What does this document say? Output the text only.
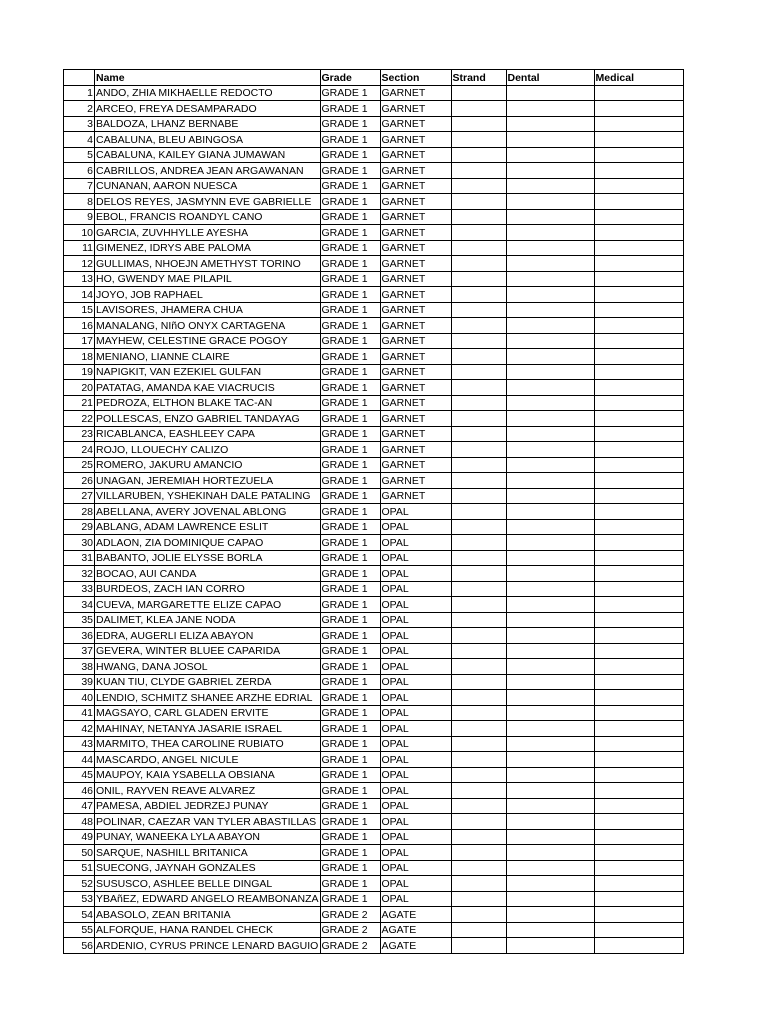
	Name	Grade	Section	Strand	Dental	Medical
1	ANDO, ZHIA MIKHAELLE REDOCTO	GRADE 1	GARNET			
2	ARCEO, FREYA DESAMPARADO	GRADE 1	GARNET			
3	BALDOZA, LHANZ BERNABE	GRADE 1	GARNET			
4	CABALUNA, BLEU ABINGOSA	GRADE 1	GARNET			
5	CABALUNA, KAILEY GIANA JUMAWAN	GRADE 1	GARNET			
6	CABRILLOS, ANDREA JEAN ARGAWANAN	GRADE 1	GARNET			
7	CUNANAN, AARON NUESCA	GRADE 1	GARNET			
8	DELOS REYES, JASMYNN EVE GABRIELLE	GRADE 1	GARNET			
9	EBOL, FRANCIS ROANDYL CANO	GRADE 1	GARNET			
10	GARCIA, ZUVHHYLLE AYESHA	GRADE 1	GARNET			
11	GIMENEZ, IDRYS ABE PALOMA	GRADE 1	GARNET			
12	GULLIMAS, NHOEJN AMETHYST TORINO	GRADE 1	GARNET			
13	HO, GWENDY MAE PILAPIL	GRADE 1	GARNET			
14	JOYO, JOB RAPHAEL	GRADE 1	GARNET			
15	LAVISORES, JHAMERA CHUA	GRADE 1	GARNET			
16	MANALANG, NIñO ONYX CARTAGENA	GRADE 1	GARNET			
17	MAYHEW, CELESTINE GRACE POGOY	GRADE 1	GARNET			
18	MENIANO, LIANNE CLAIRE	GRADE 1	GARNET			
19	NAPIGKIT, VAN EZEKIEL GULFAN	GRADE 1	GARNET			
20	PATATAG, AMANDA KAE VIACRUCIS	GRADE 1	GARNET			
21	PEDROZA, ELTHON BLAKE TAC-AN	GRADE 1	GARNET			
22	POLLESCAS, ENZO GABRIEL TANDAYAG	GRADE 1	GARNET			
23	RICABLANCA, EASHLEEY CAPA	GRADE 1	GARNET			
24	ROJO, LLOUECHY CALIZO	GRADE 1	GARNET			
25	ROMERO, JAKURU AMANCIO	GRADE 1	GARNET			
26	UNAGAN, JEREMIAH HORTEZUELA	GRADE 1	GARNET			
27	VILLARUBEN, YSHEKINAH DALE PATALING	GRADE 1	GARNET			
28	ABELLANA, AVERY JOVENAL ABLONG	GRADE 1	OPAL			
29	ABLANG, ADAM LAWRENCE ESLIT	GRADE 1	OPAL			
30	ADLAON, ZIA DOMINIQUE CAPAO	GRADE 1	OPAL			
31	BABANTO, JOLIE ELYSSE BORLA	GRADE 1	OPAL			
32	BOCAO, AUI CANDA	GRADE 1	OPAL			
33	BURDEOS, ZACH IAN CORRO	GRADE 1	OPAL			
34	CUEVA, MARGARETTE ELIZE CAPAO	GRADE 1	OPAL			
35	DALIMET, KLEA JANE NODA	GRADE 1	OPAL			
36	EDRA, AUGERLI ELIZA ABAYON	GRADE 1	OPAL			
37	GEVERA, WINTER BLUEE CAPARIDA	GRADE 1	OPAL			
38	HWANG, DANA JOSOL	GRADE 1	OPAL			
39	KUAN TIU, CLYDE GABRIEL ZERDA	GRADE 1	OPAL			
40	LENDIO, SCHMITZ SHANEE ARZHE EDRIAL	GRADE 1	OPAL			
41	MAGSAYO, CARL GLADEN ERVITE	GRADE 1	OPAL			
42	MAHINAY, NETANYA JASARIE ISRAEL	GRADE 1	OPAL			
43	MARMITO, THEA CAROLINE RUBIATO	GRADE 1	OPAL			
44	MASCARDO, ANGEL NICULE	GRADE 1	OPAL			
45	MAUPOY, KAIA YSABELLA OBSIANA	GRADE 1	OPAL			
46	ONIL, RAYVEN REAVE ALVAREZ	GRADE 1	OPAL			
47	PAMESA, ABDIEL JEDRZEJ PUNAY	GRADE 1	OPAL			
48	POLINAR, CAEZAR VAN TYLER ABASTILLAS	GRADE 1	OPAL			
49	PUNAY, WANEEKA LYLA ABAYON	GRADE 1	OPAL			
50	SARQUE, NASHILL BRITANICA	GRADE 1	OPAL			
51	SUECONG, JAYNAH GONZALES	GRADE 1	OPAL			
52	SUSUSCO, ASHLEE BELLE DINGAL	GRADE 1	OPAL			
53	YBAñEZ, EDWARD ANGELO REAMBONANZA	GRADE 1	OPAL			
54	ABASOLO, ZEAN BRITANIA	GRADE 2	AGATE			
55	ALFORQUE, HANA RANDEL CHECK	GRADE 2	AGATE			
56	ARDENIO, CYRUS PRINCE LENARD BAGUIO	GRADE 2	AGATE			
